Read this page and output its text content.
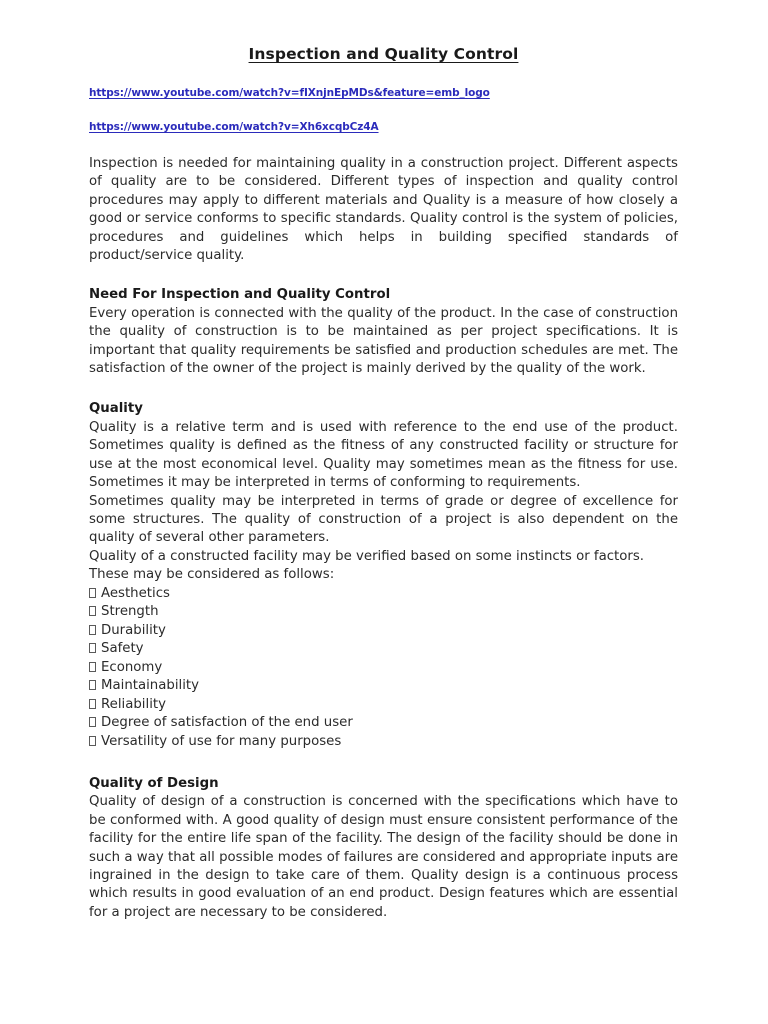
Inspection and Quality Control
https://www.youtube.com/watch?v=fIXnjnEpMDs&feature=emb_logo
https://www.youtube.com/watch?v=Xh6xcqbCz4A

Inspection is needed for maintaining quality in a construction project. Different aspects of quality are to be considered. Different types of inspection and quality control procedures may apply to different materials and Quality is a measure of how closely a good or service conforms to specific standards. Quality control is the system of policies, procedures and guidelines which helps in building specified standards of product/service quality.

Need For Inspection and Quality Control

Every operation is connected with the quality of the product. In the case of construction the quality of construction is to be maintained as per project specifications. It is important that quality requirements be satisfied and production schedules are met. The satisfaction of the owner of the project is mainly derived by the quality of the work.

Quality

Quality is a relative term and is used with reference to the end use of the product. Sometimes quality is defined as the fitness of any constructed facility or structure for use at the most economical level. Quality may sometimes mean as the fitness for use. Sometimes it may be interpreted in terms of conforming to requirements.

Sometimes quality may be interpreted in terms of grade or degree of excellence for some structures. The quality of construction of a project is also dependent on the quality of several other parameters.

Quality of a constructed facility may be verified based on some instincts or factors.

These may be considered as follows:

Aesthetics
Strength
Durability
Safety
Economy
Maintainability
Reliability
Degree of satisfaction of the end user
Versatility of use for many purposes
Quality of Design

Quality of design of a construction is concerned with the specifications which have to be conformed with. A good quality of design must ensure consistent performance of the facility for the entire life span of the facility. The design of the facility should be done in such a way that all possible modes of failures are considered and appropriate inputs are ingrained in the design to take care of them. Quality design is a continuous process which results in good evaluation of an end product. Design features which are essential for a project are necessary to be considered.
